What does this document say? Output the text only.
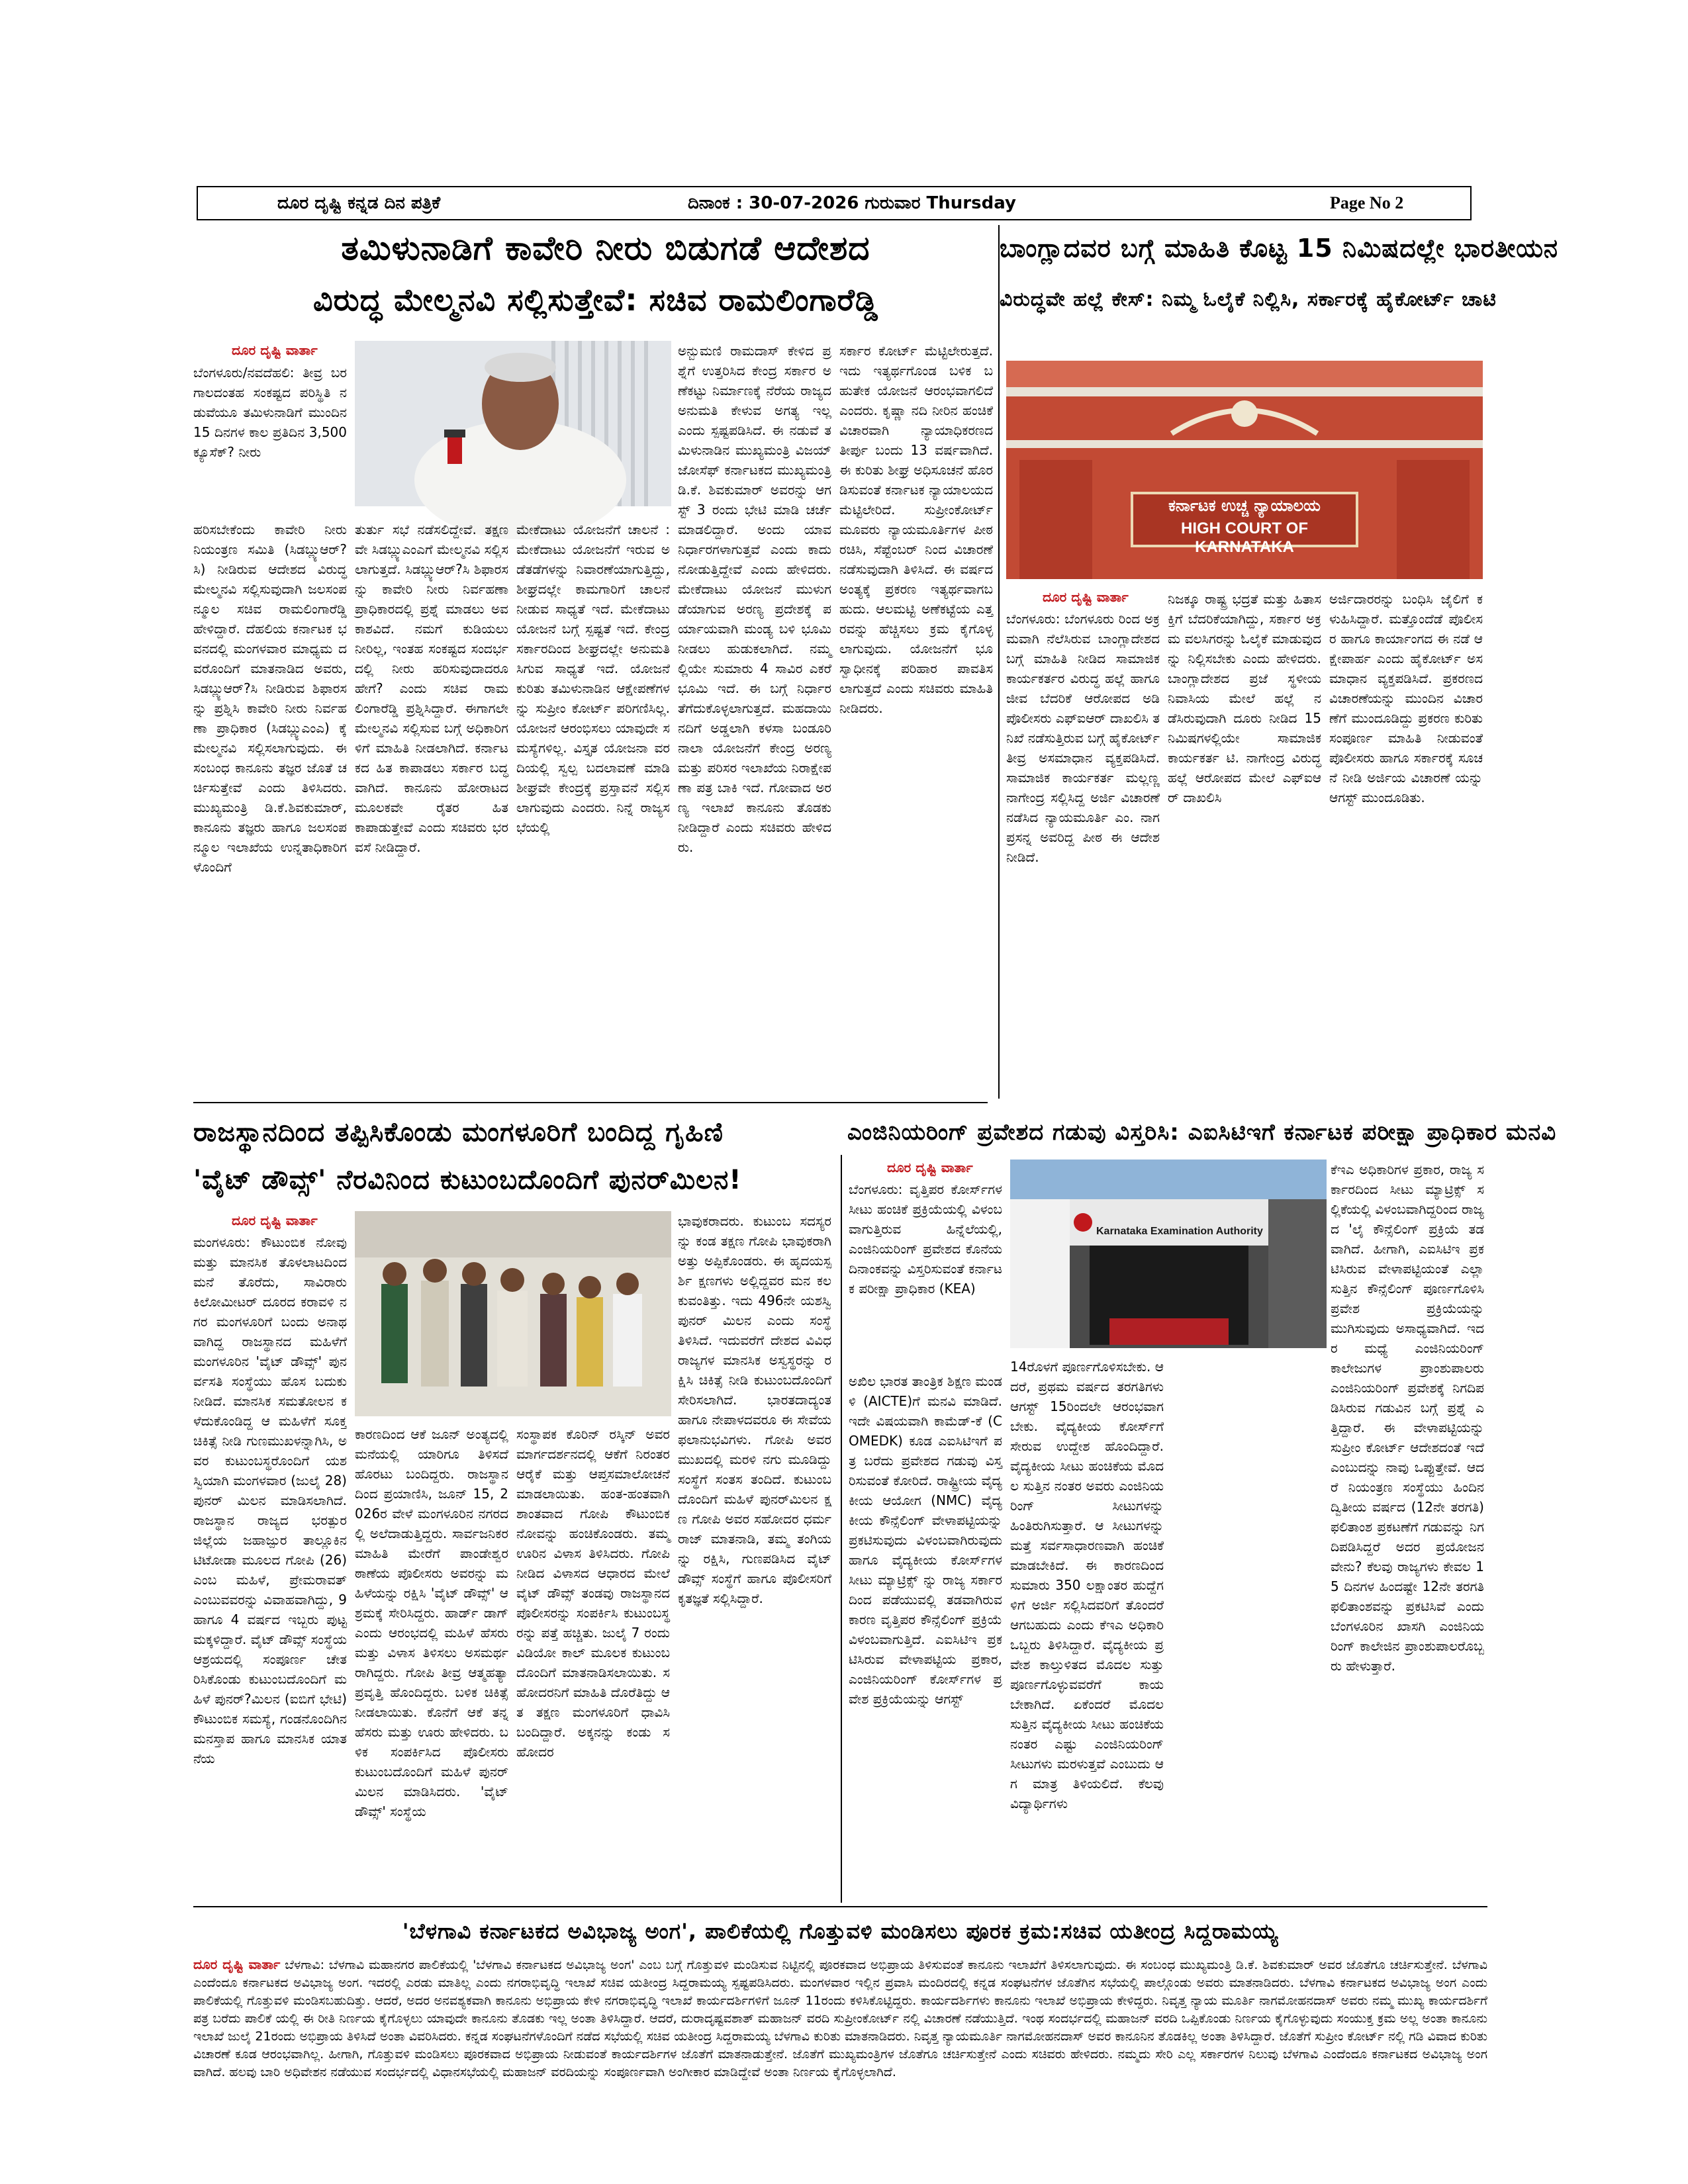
ದೂರ ದೃಷ್ಟಿ ಕನ್ನಡ ದಿನ ಪತ್ರಿಕೆ	ದಿನಾಂಕ : 30-07-2026 ಗುರುವಾರ Thursday	Page No 2
ತಮಿಳುನಾಡಿಗೆ ಕಾವೇರಿ ನೀರು ಬಿಡುಗಡೆ ಆದೇಶದ
ವಿರುದ್ಧ ಮೇಲ್ಮನವಿ ಸಲ್ಲಿಸುತ್ತೇವೆ: ಸಚಿವ ರಾಮಲಿಂಗಾರೆಡ್ಡಿ
ದೂರ ದೃಷ್ಟಿ ವಾರ್ತಾ
ಬೆಂಗಳೂರು/ನವದೆಹಲಿ: ತೀವ್ರ ಬರಗಾಲದಂತಹ ಸಂಕಷ್ಟದ ಪರಿಸ್ಥಿತಿ ನಡುವೆಯೂ ತಮಿಳುನಾಡಿಗೆ ಮುಂದಿನ 15 ದಿನಗಳ ಕಾಲ ಪ್ರತಿದಿನ 3,500 ಕ್ಯೂಸೆಕ್? ನೀರು
ಹರಿಸಬೇಕೆಂದು ಕಾವೇರಿ ನೀರು ನಿಯಂತ್ರಣ ಸಮಿತಿ (ಸಿಡಬ್ಲ್ಯುಆರ್?ಸಿ) ನೀಡಿರುವ ಆದೇಶದ ವಿರುದ್ಧ ಮೇಲ್ಮನವಿ ಸಲ್ಲಿಸುವುದಾಗಿ ಜಲಸಂಪನ್ಮೂಲ ಸಚಿವ ರಾಮಲಿಂಗಾರೆಡ್ಡಿ ಹೇಳಿದ್ದಾರೆ. ದೆಹಲಿಯ ಕರ್ನಾಟಕ ಭವನದಲ್ಲಿ ಮಂಗಳವಾರ ಮಾಧ್ಯಮ ದವರೊಂದಿಗೆ ಮಾತನಾಡಿದ ಅವರು, ಸಿಡಬ್ಲ್ಯುಆರ್?ಸಿ ನೀಡಿರುವ ಶಿಫಾರಸನ್ನು ಪ್ರಶ್ನಿಸಿ ಕಾವೇರಿ ನೀರು ನಿರ್ವಹಣಾ ಪ್ರಾಧಿಕಾರ (ಸಿಡಬ್ಲ್ಯುಎಂಎ) ಕ್ಕೆ ಮೇಲ್ಮನವಿ ಸಲ್ಲಿಸಲಾಗುವುದು. ಈ ಸಂಬಂಧ ಕಾನೂನು ತಜ್ಞರ ಜೊತೆ ಚರ್ಚಿಸುತ್ತೇವೆ ಎಂದು ತಿಳಿಸಿದರು. ಮುಖ್ಯಮಂತ್ರಿ ಡಿ.ಕೆ.ಶಿವಕುಮಾರ್, ಕಾನೂನು ತಜ್ಞರು ಹಾಗೂ ಜಲಸಂಪನ್ಮೂಲ ಇಲಾಖೆಯ ಉನ್ನತಾಧಿಕಾರಿಗಳೊಂದಿಗೆ
ತುರ್ತು ಸಭೆ ನಡೆಸಲಿದ್ದೇವೆ. ತಕ್ಷಣವೇ ಸಿಡಬ್ಲ್ಯುಎಂಎಗೆ ಮೇಲ್ಮನವಿ ಸಲ್ಲಿಸಲಾಗುತ್ತದೆ. ಸಿಡಬ್ಲ್ಯುಆರ್?ಸಿ ಶಿಫಾರಸನ್ನು ಕಾವೇರಿ ನೀರು ನಿರ್ವಹಣಾ ಪ್ರಾಧಿಕಾರದಲ್ಲಿ ಪ್ರಶ್ನೆ ಮಾಡಲು ಅವಕಾಶವಿದೆ. ನಮಗೆ ಕುಡಿಯಲು ನೀರಿಲ್ಲ, ಇಂತಹ ಸಂಕಷ್ಟದ ಸಂದರ್ಭದಲ್ಲಿ ನೀರು ಹರಿಸುವುದಾದರೂ ಹೇಗೆ? ಎಂದು ಸಚಿವ ರಾಮಲಿಂಗಾರೆಡ್ಡಿ ಪ್ರಶ್ನಿಸಿದ್ದಾರೆ. ಈಗಾಗಲೇ ಮೇಲ್ಮನವಿ ಸಲ್ಲಿಸುವ ಬಗ್ಗೆ ಅಧಿಕಾರಿಗಳಿಗೆ ಮಾಹಿತಿ ನೀಡಲಾಗಿದೆ. ಕರ್ನಾಟಕದ ಹಿತ ಕಾಪಾಡಲು ಸರ್ಕಾರ ಬದ್ಧವಾಗಿದೆ. ಕಾನೂನು ಹೋರಾಟದ ಮೂಲಕವೇ ರೈತರ ಹಿತ ಕಾಪಾಡುತ್ತೇವೆ ಎಂದು ಸಚಿವರು ಭರವಸೆ ನೀಡಿದ್ದಾರೆ.
ಮೇಕೆದಾಟು ಯೋಜನೆಗೆ ಚಾಲನೆ : ಮೇಕೆದಾಟು ಯೋಜನೆಗೆ ಇರುವ ಅಡೆತಡೆಗಳನ್ನು ನಿವಾರಣೆಯಾಗುತ್ತಿದ್ದು, ಶೀಘ್ರದಲ್ಲೇ ಕಾಮಗಾರಿಗೆ ಚಾಲನೆ ನೀಡುವ ಸಾಧ್ಯತೆ ಇದೆ. ಮೇಕೆದಾಟು ಯೋಜನೆ ಬಗ್ಗೆ ಸ್ಪಷ್ಟತೆ ಇದೆ. ಕೇಂದ್ರ ಸರ್ಕಾರದಿಂದ ಶೀಘ್ರದಲ್ಲೇ ಅನುಮತಿ ಸಿಗುವ ಸಾಧ್ಯತೆ ಇದೆ. ಯೋಜನೆ ಕುರಿತು ತಮಿಳುನಾಡಿನ ಆಕ್ಷೇಪಣೆಗಳನ್ನು ಸುಪ್ರೀಂ ಕೋರ್ಟ್ ಪರಿಗಣಿಸಿಲ್ಲ. ಯೋಜನೆ ಆರಂಭಿಸಲು ಯಾವುದೇ ಸಮಸ್ಯೆಗಳಿಲ್ಲ. ವಿಸ್ತೃತ ಯೋಜನಾ ವರದಿಯಲ್ಲಿ ಸ್ವಲ್ಪ ಬದಲಾವಣೆ ಮಾಡಿ ಶೀಘ್ರವೇ ಕೇಂದ್ರಕ್ಕೆ ಪ್ರಸ್ತಾವನೆ ಸಲ್ಲಿಸಲಾಗುವುದು ಎಂದರು. ನಿನ್ನೆ ರಾಜ್ಯಸಭೆಯಲ್ಲಿ
ಅನ್ಬುಮಣಿ ರಾಮದಾಸ್ ಕೇಳಿದ ಪ್ರಶ್ನೆಗೆ ಉತ್ತರಿಸಿದ ಕೇಂದ್ರ ಸರ್ಕಾರ ಅಣೆಕಟ್ಟು ನಿರ್ಮಾಣಕ್ಕೆ ನೆರೆಯ ರಾಜ್ಯದ ಅನುಮತಿ ಕೇಳುವ ಅಗತ್ಯ ಇಲ್ಲ ಎಂದು ಸ್ಪಷ್ಟಪಡಿಸಿದೆ. ಈ ನಡುವೆ ತಮಿಳುನಾಡಿನ ಮುಖ್ಯಮಂತ್ರಿ ವಿಜಯ್ ಜೋಸೆಫ್ ಕರ್ನಾಟಕದ ಮುಖ್ಯಮಂತ್ರಿ ಡಿ.ಕೆ. ಶಿವಕುಮಾರ್ ಅವರನ್ನು ಆಗಸ್ಟ್ 3 ರಂದು ಭೇಟಿ ಮಾಡಿ ಚರ್ಚೆ ಮಾಡಲಿದ್ದಾರೆ. ಅಂದು ಯಾವ ನಿರ್ಧಾರಗಳಾಗುತ್ತವೆ ಎಂದು ಕಾದು ನೋಡುತ್ತಿದ್ದೇವೆ ಎಂದು ಹೇಳಿದರು. ಮೇಕೆದಾಟು ಯೋಜನೆ ಮುಳುಗಡೆಯಾಗುವ ಅರಣ್ಯ ಪ್ರದೇಶಕ್ಕೆ ಪರ್ಯಾಯವಾಗಿ ಮಂಡ್ಯ ಬಳಿ ಭೂಮಿ ನೀಡಲು ಹುಡುಕಲಾಗಿದೆ. ನಮ್ಮಲ್ಲಿಯೇ ಸುಮಾರು 4 ಸಾವಿರ ಎಕರೆ ಭೂಮಿ ಇದೆ. ಈ ಬಗ್ಗೆ ನಿರ್ಧಾರ ತೆಗೆದುಕೊಳ್ಳಲಾಗುತ್ತದೆ. ಮಹದಾಯಿ ನದಿಗೆ ಅಡ್ಡಲಾಗಿ ಕಳಸಾ ಬಂಡೂರಿ ನಾಲಾ ಯೋಜನೆಗೆ ಕೇಂದ್ರ ಅರಣ್ಯ ಮತ್ತು ಪರಿಸರ ಇಲಾಖೆಯ ನಿರಾಕ್ಷೇಪಣಾ ಪತ್ರ ಬಾಕಿ ಇದೆ. ಗೋವಾದ ಅರಣ್ಯ ಇಲಾಖೆ ಕಾನೂನು ತೊಡಕು ನೀಡಿದ್ದಾರೆ ಎಂದು ಸಚಿವರು ಹೇಳಿದರು.
ಸರ್ಕಾರ ಕೋರ್ಟ್ ಮೆಟ್ಟಿಲೇರುತ್ತದೆ. ಇದು ಇತ್ಯರ್ಥಗೊಂಡ ಬಳಿಕ ಬಹುತೇಕ ಯೋಜನೆ ಆರಂಭವಾಗಲಿದೆ ಎಂದರು. ಕೃಷ್ಣಾ ನದಿ ನೀರಿನ ಹಂಚಿಕೆ ವಿಚಾರವಾಗಿ ನ್ಯಾಯಾಧಿಕರಣದ ತೀರ್ಪು ಬಂದು 13 ವರ್ಷವಾಗಿದೆ. ಈ ಕುರಿತು ಶೀಘ್ರ ಅಧಿಸೂಚನೆ ಹೊರಡಿಸುವಂತೆ ಕರ್ನಾಟಕ ನ್ಯಾಯಾಲಯದ ಮೆಟ್ಟಿಲೇರಿದೆ. ಸುಪ್ರೀಂಕೋರ್ಟ್ ಮೂವರು ನ್ಯಾಯಮೂರ್ತಿಗಳ ಪೀಠ ರಚಿಸಿ, ಸೆಪ್ಟೆಂಬರ್ ನಿಂದ ವಿಚಾರಣೆ ನಡೆಸುವುದಾಗಿ ತಿಳಿಸಿದೆ. ಈ ವರ್ಷದ ಅಂತ್ಯಕ್ಕೆ ಪ್ರಕರಣ ಇತ್ಯರ್ಥವಾಗಬಹುದು. ಆಲಮಟ್ಟಿ ಅಣೆಕಟ್ಟೆಯ ಎತ್ತರವನ್ನು ಹೆಚ್ಚಿಸಲು ಕ್ರಮ ಕೈಗೊಳ್ಳಲಾಗುವುದು. ಯೋಜನೆಗೆ ಭೂ ಸ್ವಾಧೀನಕ್ಕೆ ಪರಿಹಾರ ಪಾವತಿಸಲಾಗುತ್ತದೆ ಎಂದು ಸಚಿವರು ಮಾಹಿತಿ ನೀಡಿದರು.
ಬಾಂಗ್ಲಾದವರ ಬಗ್ಗೆ ಮಾಹಿತಿ ಕೊಟ್ಟ 15 ನಿಮಿಷದಲ್ಲೇ ಭಾರತೀಯನ
ವಿರುದ್ಧವೇ ಹಲ್ಲೆ ಕೇಸ್: ನಿಮ್ಮ ಓಲೈಕೆ ನಿಲ್ಲಿಸಿ, ಸರ್ಕಾರಕ್ಕೆ ಹೈಕೋರ್ಟ್ ಚಾಟಿ
ಕರ್ನಾಟಕ ಉಚ್ಚ ನ್ಯಾಯಾಲಯ
HIGH COURT OF KARNATAKA
ದೂರ ದೃಷ್ಟಿ ವಾರ್ತಾ
ಬೆಂಗಳೂರು: ಬೆಂಗಳೂರು ರಿಂದ ಅಕ್ರಮವಾಗಿ ನೆಲೆಸಿರುವ ಬಾಂಗ್ಲಾದೇಶದ ಬಗ್ಗೆ ಮಾಹಿತಿ ನೀಡಿದ ಸಾಮಾಜಿಕ ಕಾರ್ಯಕರ್ತರ ವಿರುದ್ಧ ಹಲ್ಲೆ ಹಾಗೂ ಜೀವ ಬೆದರಿಕೆ ಆರೋಪದ ಅಡಿ ಪೊಲೀಸರು ಎಫ್ಐಆರ್ ದಾಖಲಿಸಿ ತನಿಖೆ ನಡೆಸುತ್ತಿರುವ ಬಗ್ಗೆ ಹೈಕೋರ್ಟ್ ತೀವ್ರ ಅಸಮಾಧಾನ ವ್ಯಕ್ತಪಡಿಸಿದೆ. ಸಾಮಾಜಿಕ ಕಾರ್ಯಕರ್ತ ಮಲ್ಲಣ್ಣ ನಾಗೇಂದ್ರ ಸಲ್ಲಿಸಿದ್ದ ಅರ್ಜಿ ವಿಚಾರಣೆ ನಡೆಸಿದ ನ್ಯಾಯಮೂರ್ತಿ ಎಂ. ನಾಗಪ್ರಸನ್ನ ಅವರಿದ್ದ ಪೀಠ ಈ ಆದೇಶ ನೀಡಿದೆ.
ನಿಜಕ್ಕೂ ರಾಷ್ಟ್ರ ಭದ್ರತೆ ಮತ್ತು ಹಿತಾಸಕ್ತಿಗೆ ಬೆದರಿಕೆಯಾಗಿದ್ದು, ಸರ್ಕಾರ ಅಕ್ರಮ ವಲಸಿಗರನ್ನು ಓಲೈಕೆ ಮಾಡುವುದನ್ನು ನಿಲ್ಲಿಸಬೇಕು ಎಂದು ಹೇಳಿದರು. ಬಾಂಗ್ಲಾದೇಶದ ಪ್ರಜೆ ಸ್ಥಳೀಯ ನಿವಾಸಿಯ ಮೇಲೆ ಹಲ್ಲೆ ನಡೆಸಿರುವುದಾಗಿ ದೂರು ನೀಡಿದ 15 ನಿಮಿಷಗಳಲ್ಲಿಯೇ ಸಾಮಾಜಿಕ ಕಾರ್ಯಕರ್ತ ಟಿ. ನಾಗೇಂದ್ರ ವಿರುದ್ಧ ಹಲ್ಲೆ ಆರೋಪದ ಮೇಲೆ ಎಫ್ಐಆರ್ ದಾಖಲಿಸಿ
ಅರ್ಜಿದಾರರನ್ನು ಬಂಧಿಸಿ ಜೈಲಿಗೆ ಕಳುಹಿಸಿದ್ದಾರೆ. ಮತ್ತೊಂದೆಡೆ ಪೊಲೀಸರ ಹಾಗೂ ಕಾರ್ಯಾಂಗದ ಈ ನಡೆ ಆಕ್ಷೇಪಾರ್ಹ ಎಂದು ಹೈಕೋರ್ಟ್ ಅಸಮಾಧಾನ ವ್ಯಕ್ತಪಡಿಸಿದೆ. ಪ್ರಕರಣದ ವಿಚಾರಣೆಯನ್ನು ಮುಂದಿನ ವಿಚಾರಣೆಗೆ ಮುಂದೂಡಿದ್ದು ಪ್ರಕರಣ ಕುರಿತು ಸಂಪೂರ್ಣ ಮಾಹಿತಿ ನೀಡುವಂತೆ ಪೊಲೀಸರು ಹಾಗೂ ಸರ್ಕಾರಕ್ಕೆ ಸೂಚನೆ ನೀಡಿ ಅರ್ಜಿಯ ವಿಚಾರಣೆ ಯನ್ನು ಆಗಸ್ಟ್ ಮುಂದೂಡಿತು.
ರಾಜಸ್ಥಾನದಿಂದ ತಪ್ಪಿಸಿಕೊಂಡು ಮಂಗಳೂರಿಗೆ ಬಂದಿದ್ದ ಗೃಹಿಣಿ
'ವೈಟ್ ಡೌವ್ಸ್' ನೆರವಿನಿಂದ ಕುಟುಂಬದೊಂದಿಗೆ ಪುನರ್‌ಮಿಲನ!
ದೂರ ದೃಷ್ಟಿ ವಾರ್ತಾ
ಮಂಗಳೂರು: ಕೌಟುಂಬಿಕ ನೋವು ಮತ್ತು ಮಾನಸಿಕ ತೊಳಲಾಟದಿಂದ ಮನೆ ತೊರೆದು, ಸಾವಿರಾರು ಕಿಲೋಮೀಟರ್ ದೂರದ ಕರಾವಳಿ ನಗರ ಮಂಗಳೂರಿಗೆ ಬಂದು ಅನಾಥವಾಗಿದ್ದ ರಾಜಸ್ಥಾನದ ಮಹಿಳೆಗೆ ಮಂಗಳೂರಿನ 'ವೈಟ್ ಡೌವ್ಸ್' ಪುನರ್ವಸತಿ ಸಂಸ್ಥೆಯು ಹೊಸ ಬದುಕು ನೀಡಿದೆ. ಮಾನಸಿಕ ಸಮತೋಲನ ಕಳೆದುಕೊಂಡಿದ್ದ ಆ ಮಹಿಳೆಗೆ ಸೂಕ್ತ ಚಿಕಿತ್ಸೆ ನೀಡಿ ಗುಣಮುಖಳನ್ನಾಗಿಸಿ, ಅವರ ಕುಟುಂಬಸ್ಥರೊಂದಿಗೆ ಯಶಸ್ವಿಯಾಗಿ ಮಂಗಳವಾರ (ಜುಲೈ 28) ಪುನರ್ ಮಿಲನ ಮಾಡಿಸಲಾಗಿದೆ. ರಾಜಸ್ಥಾನ ರಾಜ್ಯದ ಭರತ್ಪುರ ಜಿಲ್ಲೆಯ ಜಹಾಜ್ಪುರ ತಾಲ್ಲೂಕಿನ ಟಿಟೋಡಾ ಮೂಲದ ಗೋಪಿ (26) ಎಂಬ ಮಹಿಳೆ, ಪ್ರೇಮರಾವತ್ ಎಂಬುವವರನ್ನು ವಿವಾಹವಾಗಿದ್ದು, 9 ಹಾಗೂ 4 ವರ್ಷದ ಇಬ್ಬರು ಪುಟ್ಟ ಮಕ್ಕಳಿದ್ದಾರೆ. ವೈಟ್ ಡೌವ್ಸ್ ಸಂಸ್ಥೆಯ ಆಶ್ರಯದಲ್ಲಿ ಸಂಪೂರ್ಣ ಚೇತರಿಸಿಕೊಂಡು ಕುಟುಂಬದೊಂದಿಗೆ ಮಹಿಳೆ ಪುನರ್?ಮಿಲನ (ಐಬಿಗೆ ಭೇಟಿ) ಕೌಟುಂಬಿಕ ಸಮಸ್ಯೆ, ಗಂಡನೊಂದಿಗಿನ ಮನಸ್ತಾಪ ಹಾಗೂ ಮಾನಸಿಕ ಯಾತನೆಯ
ಕಾರಣದಿಂದ ಆಕೆ ಜೂನ್ ಅಂತ್ಯದಲ್ಲಿ ಮನೆಯಲ್ಲಿ ಯಾರಿಗೂ ತಿಳಿಸದೆ ಹೊರಟು ಬಂದಿದ್ದರು. ರಾಜಸ್ಥಾನದಿಂದ ಪ್ರಯಾಣಿಸಿ, ಜೂನ್ 15, 2026ರ ವೇಳೆ ಮಂಗಳೂರಿನ ನಗರದಲ್ಲಿ ಅಲೆದಾಡುತ್ತಿದ್ದರು. ಸಾರ್ವಜನಿಕರ ಮಾಹಿತಿ ಮೇರೆಗೆ ಪಾಂಡೇಶ್ವರ ಠಾಣೆಯ ಪೊಲೀಸರು ಅವರನ್ನು ಮಹಿಳೆಯನ್ನು ರಕ್ಷಿಸಿ 'ವೈಟ್ ಡೌವ್ಸ್' ಆಶ್ರಮಕ್ಕೆ ಸೇರಿಸಿದ್ದರು. ಹಾರ್ಡ್ ಡಾಗ್ ಎಂದು ಆರಂಭದಲ್ಲಿ ಮಹಿಳೆ ಹೆಸರು ಮತ್ತು ವಿಳಾಸ ತಿಳಿಸಲು ಅಸಮರ್ಥರಾಗಿದ್ದರು. ಗೋಪಿ ತೀವ್ರ ಆತ್ಮಹತ್ಯಾ ಪ್ರವೃತ್ತಿ ಹೊಂದಿದ್ದರು. ಬಳಿಕ ಚಿಕಿತ್ಸೆ ನೀಡಲಾಯಿತು. ಕೊನೆಗೆ ಆಕೆ ತನ್ನ ಹೆಸರು ಮತ್ತು ಊರು ಹೇಳಿದರು. ಬಳಿಕ ಸಂಪರ್ಕಿಸಿದ ಪೊಲೀಸರು ಕುಟುಂಬದೊಂದಿಗೆ ಮಹಿಳೆ ಪುನರ್ ಮಿಲನ ಮಾಡಿಸಿದರು. 'ವೈಟ್ ಡೌವ್ಸ್' ಸಂಸ್ಥೆಯ
ಸಂಸ್ಥಾಪಕ ಕೊರಿನ್ ರಸ್ಕಿನ್ ಅವರ ಮಾರ್ಗದರ್ಶನದಲ್ಲಿ ಆಕೆಗೆ ನಿರಂತರ ಆರೈಕೆ ಮತ್ತು ಆಪ್ತಸಮಾಲೋಚನೆ ಮಾಡಲಾಯಿತು. ಹಂತ-ಹಂತವಾಗಿ ಶಾಂತವಾದ ಗೋಪಿ ಕೌಟುಂಬಿಕ ನೋವನ್ನು ಹಂಚಿಕೊಂಡರು. ತಮ್ಮ ಊರಿನ ವಿಳಾಸ ತಿಳಿಸಿದರು. ಗೋಪಿ ನೀಡಿದ ವಿಳಾಸದ ಆಧಾರದ ಮೇಲೆ ವೈಟ್ ಡೌವ್ಸ್ ತಂಡವು ರಾಜಸ್ಥಾನದ ಪೊಲೀಸರನ್ನು ಸಂಪರ್ಕಿಸಿ ಕುಟುಂಬಸ್ಥರನ್ನು ಪತ್ತೆ ಹಚ್ಚಿತು. ಜುಲೈ 7 ರಂದು ವಿಡಿಯೋ ಕಾಲ್ ಮೂಲಕ ಕುಟುಂಬದೊಂದಿಗೆ ಮಾತನಾಡಿಸಲಾಯಿತು. ಸಹೋದರನಿಗೆ ಮಾಹಿತಿ ದೊರೆತಿದ್ದು ಆತ ತಕ್ಷಣ ಮಂಗಳೂರಿಗೆ ಧಾವಿಸಿ ಬಂದಿದ್ದಾರೆ. ಅಕ್ಕನನ್ನು ಕಂಡು ಸಹೋದರ
ಭಾವುಕರಾದರು. ಕುಟುಂಬ ಸದಸ್ಯರನ್ನು ಕಂಡ ತಕ್ಷಣ ಗೋಪಿ ಭಾವುಕರಾಗಿ ಅತ್ತು ಅಪ್ಪಿಕೊಂಡರು. ಈ ಹೃದಯಸ್ಪರ್ಶಿ ಕ್ಷಣಗಳು ಅಲ್ಲಿದ್ದವರ ಮನ ಕಲಕುವಂತಿತ್ತು. ಇದು 496ನೇ ಯಶಸ್ವಿ ಪುನರ್ ಮಿಲನ ಎಂದು ಸಂಸ್ಥೆ ತಿಳಿಸಿದೆ. ಇದುವರೆಗೆ ದೇಶದ ವಿವಿಧ ರಾಜ್ಯಗಳ ಮಾನಸಿಕ ಅಸ್ವಸ್ಥರನ್ನು ರಕ್ಷಿಸಿ ಚಿಕಿತ್ಸೆ ನೀಡಿ ಕುಟುಂಬದೊಂದಿಗೆ ಸೇರಿಸಲಾಗಿದೆ. ಭಾರತದಾದ್ಯಂತ ಹಾಗೂ ನೇಪಾಳದವರೂ ಈ ಸೇವೆಯ ಫಲಾನುಭವಿಗಳು. ಗೋಪಿ ಅವರ ಮುಖದಲ್ಲಿ ಮರಳಿ ನಗು ಮೂಡಿದ್ದು ಸಂಸ್ಥೆಗೆ ಸಂತಸ ತಂದಿದೆ. ಕುಟುಂಬದೊಂದಿಗೆ ಮಹಿಳೆ ಪುನರ್‌ಮಿಲನ ಕ್ಷಣ ಗೋಪಿ ಅವರ ಸಹೋದರ ಧರ್ಮರಾಜ್ ಮಾತನಾಡಿ, ತಮ್ಮ ತಂಗಿಯನ್ನು ರಕ್ಷಿಸಿ, ಗುಣಪಡಿಸಿದ ವೈಟ್ ಡೌವ್ಸ್ ಸಂಸ್ಥೆಗೆ ಹಾಗೂ ಪೊಲೀಸರಿಗೆ ಕೃತಜ್ಞತೆ ಸಲ್ಲಿಸಿದ್ದಾರೆ.
ಎಂಜಿನಿಯರಿಂಗ್ ಪ್ರವೇಶದ ಗಡುವು ವಿಸ್ತರಿಸಿ: ಎಐಸಿಟಿಇಗೆ ಕರ್ನಾಟಕ ಪರೀಕ್ಷಾ ಪ್ರಾಧಿಕಾರ ಮನವಿ
ದೂರ ದೃಷ್ಟಿ ವಾರ್ತಾ
ಬೆಂಗಳೂರು: ವೃತ್ತಿಪರ ಕೋರ್ಸ್‌ಗಳ ಸೀಟು ಹಂಚಿಕೆ ಪ್ರಕ್ರಿಯೆಯಲ್ಲಿ ವಿಳಂಬವಾಗುತ್ತಿರುವ ಹಿನ್ನೆಲೆಯಲ್ಲಿ, ಎಂಜಿನಿಯರಿಂಗ್ ಪ್ರವೇಶದ ಕೊನೆಯ ದಿನಾಂಕವನ್ನು ವಿಸ್ತರಿಸುವಂತೆ ಕರ್ನಾಟಕ ಪರೀಕ್ಷಾ ಪ್ರಾಧಿಕಾರ (KEA)
Karnataka Examination Authority
ಅಖಿಲ ಭಾರತ ತಾಂತ್ರಿಕ ಶಿಕ್ಷಣ ಮಂಡಳಿ (AICTE)ಗೆ ಮನವಿ ಮಾಡಿದೆ. ಇದೇ ವಿಷಯವಾಗಿ ಕಾಮೆಡ್-ಕೆ (COMEDK) ಕೂಡ ಎಐಸಿಟಿಇಗೆ ಪತ್ರ ಬರೆದು ಪ್ರವೇಶದ ಗಡುವು ವಿಸ್ತರಿಸುವಂತೆ ಕೋರಿದೆ. ರಾಷ್ಟ್ರೀಯ ವೈದ್ಯಕೀಯ ಆಯೋಗ (NMC) ವೈದ್ಯಕೀಯ ಕೌನ್ಸೆಲಿಂಗ್ ವೇಳಾಪಟ್ಟಿಯನ್ನು ಪ್ರಕಟಿಸುವುದು ವಿಳಂಬವಾಗಿರುವುದು ಹಾಗೂ ವೈದ್ಯಕೀಯ ಕೋರ್ಸ್‌ಗಳ ಸೀಟು ಮ್ಯಾಟ್ರಿಕ್ಸ್ ನ್ನು ರಾಜ್ಯ ಸರ್ಕಾರದಿಂದ ಪಡೆಯುವಲ್ಲಿ ತಡವಾಗಿರುವ ಕಾರಣ ವೃತ್ತಿಪರ ಕೌನ್ಸೆಲಿಂಗ್ ಪ್ರಕ್ರಿಯೆ ವಿಳಂಬವಾಗುತ್ತಿದೆ. ಎಐಸಿಟಿಇ ಪ್ರಕಟಿಸಿರುವ ವೇಳಾಪಟ್ಟಿಯ ಪ್ರಕಾರ, ಎಂಜಿನಿಯರಿಂಗ್ ಕೋರ್ಸ್‌ಗಳ ಪ್ರವೇಶ ಪ್ರಕ್ರಿಯೆಯನ್ನು ಆಗಸ್ಟ್
14ರೊಳಗೆ ಪೂರ್ಣಗೊಳಿಸಬೇಕು. ಆದರೆ, ಪ್ರಥಮ ವರ್ಷದ ತರಗತಿಗಳು ಆಗಸ್ಟ್ 15ರಿಂದಲೇ ಆರಂಭವಾಗಬೇಕು. ವೈದ್ಯಕೀಯ ಕೋರ್ಸ್‌ಗೆ ಸೇರುವ ಉದ್ದೇಶ ಹೊಂದಿದ್ದಾರೆ. ವೈದ್ಯಕೀಯ ಸೀಟು ಹಂಚಿಕೆಯ ಮೊದಲ ಸುತ್ತಿನ ನಂತರ ಅವರು ಎಂಜಿನಿಯರಿಂಗ್ ಸೀಟುಗಳನ್ನು ಹಿಂತಿರುಗಿಸುತ್ತಾರೆ. ಆ ಸೀಟುಗಳನ್ನು ಮತ್ತೆ ಸರ್ವಸಾಧಾರಣವಾಗಿ ಹಂಚಿಕೆ ಮಾಡಬೇಕಿದೆ. ಈ ಕಾರಣದಿಂದ ಸುಮಾರು 350 ಲಕ್ಷಾಂತರ ಹುದ್ದೆಗಳಿಗೆ ಅರ್ಜಿ ಸಲ್ಲಿಸಿದವರಿಗೆ ತೊಂದರೆ ಆಗಬಹುದು ಎಂದು ಕೆಇಎ ಅಧಿಕಾರಿ ಒಬ್ಬರು ತಿಳಿಸಿದ್ದಾರೆ. ವೈದ್ಯಕೀಯ ಪ್ರವೇಶ ಕಾಲ್ತುಳಿತದ ಮೊದಲ ಸುತ್ತು ಪೂರ್ಣಗೊಳ್ಳುವವರೆಗೆ ಕಾಯಬೇಕಾಗಿದೆ. ಏಕೆಂದರೆ ಮೊದಲ ಸುತ್ತಿನ ವೈದ್ಯಕೀಯ ಸೀಟು ಹಂಚಿಕೆಯ ನಂತರ ಎಷ್ಟು ಎಂಜಿನಿಯರಿಂಗ್ ಸೀಟುಗಳು ಮರಳುತ್ತವೆ ಎಂಬುದು ಆಗ ಮಾತ್ರ ತಿಳಿಯಲಿದೆ. ಕೆಲವು ವಿದ್ಯಾರ್ಥಿಗಳು
ಕೆಇಎ ಅಧಿಕಾರಿಗಳ ಪ್ರಕಾರ, ರಾಜ್ಯ ಸರ್ಕಾರದಿಂದ ಸೀಟು ಮ್ಯಾಟ್ರಿಕ್ಸ್ ಸಲ್ಲಿಕೆಯಲ್ಲಿ ವಿಳಂಬವಾಗಿದ್ದರಿಂದ ರಾಜ್ಯದ 'ಲೈ ಕೌನ್ಸೆಲಿಂಗ್ ಪ್ರಕ್ರಿಯೆ ತಡವಾಗಿದೆ. ಹೀಗಾಗಿ, ಎಐಸಿಟಿಇ ಪ್ರಕಟಿಸಿರುವ ವೇಳಾಪಟ್ಟಿಯಂತೆ ಎಲ್ಲಾ ಸುತ್ತಿನ ಕೌನ್ಸೆಲಿಂಗ್ ಪೂರ್ಣಗೊಳಿಸಿ ಪ್ರವೇಶ ಪ್ರಕ್ರಿಯೆಯನ್ನು ಮುಗಿಸುವುದು ಅಸಾಧ್ಯವಾಗಿದೆ. ಇದರ ಮಧ್ಯೆ ಎಂಜಿನಿಯರಿಂಗ್ ಕಾಲೇಜುಗಳ ಪ್ರಾಂಶುಪಾಲರು ಎಂಜಿನಿಯರಿಂಗ್ ಪ್ರವೇಶಕ್ಕೆ ನಿಗದಿಪಡಿಸಿರುವ ಗಡುವಿನ ಬಗ್ಗೆ ಪ್ರಶ್ನೆ ಎತ್ತಿದ್ದಾರೆ. ಈ ವೇಳಾಪಟ್ಟಿಯನ್ನು ಸುಪ್ರೀಂ ಕೋರ್ಟ್ ಆದೇಶದಂತೆ ಇದೆ ಎಂಬುದನ್ನು ನಾವು ಒಪ್ಪುತ್ತೇವೆ. ಆದರೆ ನಿಯಂತ್ರಣ ಸಂಸ್ಥೆಯು ಹಿಂದಿನ ದ್ವಿತೀಯ ವರ್ಷದ (12ನೇ ತರಗತಿ) ಫಲಿತಾಂಶ ಪ್ರಕಟಣೆಗೆ ಗಡುವನ್ನು ನಿಗದಿಪಡಿಸಿದ್ದರೆ ಅದರ ಪ್ರಯೋಜನವೇನು? ಕೆಲವು ರಾಜ್ಯಗಳು ಕೇವಲ 15 ದಿನಗಳ ಹಿಂದಷ್ಟೇ 12ನೇ ತರಗತಿ ಫಲಿತಾಂಶವನ್ನು ಪ್ರಕಟಿಸಿವೆ ಎಂದು ಬೆಂಗಳೂರಿನ ಖಾಸಗಿ ಎಂಜಿನಿಯರಿಂಗ್ ಕಾಲೇಜಿನ ಪ್ರಾಂಶುಪಾಲರೊಬ್ಬರು ಹೇಳುತ್ತಾರೆ.
'ಬೆಳಗಾವಿ ಕರ್ನಾಟಕದ ಅವಿಭಾಜ್ಯ ಅಂಗ', ಪಾಲಿಕೆಯಲ್ಲಿ ಗೊತ್ತುವಳಿ ಮಂಡಿಸಲು ಪೂರಕ ಕ್ರಮ:ಸಚಿವ ಯತೀಂದ್ರ ಸಿದ್ದರಾಮಯ್ಯ
ದೂರ ದೃಷ್ಟಿ ವಾರ್ತಾ ಬೆಳಗಾವಿ: ಬೆಳಗಾವಿ ಮಹಾನಗರ ಪಾಲಿಕೆಯಲ್ಲಿ 'ಬೆಳಗಾವಿ ಕರ್ನಾಟಕದ ಅವಿಭಾಜ್ಯ ಅಂಗ' ಎಂಬ ಬಗ್ಗೆ ಗೊತ್ತುವಳಿ ಮಂಡಿಸುವ ನಿಟ್ಟಿನಲ್ಲಿ ಪೂರಕವಾದ ಅಭಿಪ್ರಾಯ ತಿಳಿಸುವಂತೆ ಕಾನೂನು ಇಲಾಖೆಗೆ ತಿಳಿಸಲಾಗುವುದು. ಈ ಸಂಬಂಧ ಮುಖ್ಯಮಂತ್ರಿ ಡಿ.ಕೆ. ಶಿವಕುಮಾರ್ ಅವರ ಜೊತೆಗೂ ಚರ್ಚಿಸುತ್ತೇನೆ. ಬೆಳಗಾವಿ ಎಂದೆಂದೂ ಕರ್ನಾಟಕದ ಅವಿಭಾಜ್ಯ ಅಂಗ. ಇದರಲ್ಲಿ ಎರಡು ಮಾತಿಲ್ಲ ಎಂದು ನಗರಾಭಿವೃದ್ಧಿ ಇಲಾಖೆ ಸಚಿವ ಯತೀಂದ್ರ ಸಿದ್ದರಾಮಯ್ಯ ಸ್ಪಷ್ಟಪಡಿಸಿದರು. ಮಂಗಳವಾರ ಇಲ್ಲಿನ ಪ್ರವಾಸಿ ಮಂದಿರದಲ್ಲಿ ಕನ್ನಡ ಸಂಘಟನೆಗಳ ಜೊತೆಗಿನ ಸಭೆಯಲ್ಲಿ ಪಾಲ್ಗೊಂಡು ಅವರು ಮಾತನಾಡಿದರು. ಬೆಳಗಾವಿ ಕರ್ನಾಟಕದ ಅವಿಭಾಜ್ಯ ಅಂಗ ಎಂದು ಪಾಲಿಕೆಯಲ್ಲಿ ಗೊತ್ತುವಳಿ ಮಂಡಿಸಬಹುದಿತ್ತು. ಆದರೆ, ಅದರ ಅನವಶ್ಯಕವಾಗಿ ಕಾನೂನು ಅಭಿಪ್ರಾಯ ಕೇಳಿ ನಗರಾಭಿವೃದ್ಧಿ ಇಲಾಖೆ ಕಾರ್ಯದರ್ಶಿಗಳಿಗೆ ಜೂನ್ 11ರಂದು ಕಳಿಸಿಕೊಟ್ಟಿದ್ದರು. ಕಾರ್ಯದರ್ಶಿಗಳು ಕಾನೂನು ಇಲಾಖೆ ಅಭಿಪ್ರಾಯ ಕೇಳಿದ್ದರು. ನಿವೃತ್ತ ನ್ಯಾಯ ಮೂರ್ತಿ ನಾಗಮೋಹನದಾಸ್ ಅವರು ನಮ್ಮ ಮುಖ್ಯ ಕಾರ್ಯದರ್ಶಿಗೆ ಪತ್ರ ಬರೆದು ಪಾಲಿಕೆ ಯಲ್ಲಿ ಈ ರೀತಿ ನಿರ್ಣಯ ಕೈಗೊಳ್ಳಲು ಯಾವುದೇ ಕಾನೂನು ತೊಡಕು ಇಲ್ಲ ಅಂತಾ ತಿಳಿಸಿದ್ದಾರೆ. ಆದರೆ, ದುರಾದೃಷ್ಟವಶಾತ್ ಮಹಾಜನ್ ವರದಿ ಸುಪ್ರೀಂಕೋರ್ಟ್ ನಲ್ಲಿ ವಿಚಾರಣೆ ನಡೆಯುತ್ತಿದೆ. ಇಂಥ ಸಂದರ್ಭದಲ್ಲಿ ಮಹಾಜನ್ ವರದಿ ಒಪ್ಪಿಕೊಂಡು ನಿರ್ಣಯ ಕೈಗೊಳ್ಳುವುದು ಸಂಯುಕ್ತ ಕ್ರಮ ಅಲ್ಲ ಅಂತಾ ಕಾನೂನು ಇಲಾಖೆ ಜುಲೈ 21ರಂದು ಅಭಿಪ್ರಾಯ ತಿಳಿಸಿದೆ ಅಂತಾ ವಿವರಿಸಿದರು. ಕನ್ನಡ ಸಂಘಟನೆಗಳೊಂದಿಗೆ ನಡೆದ ಸಭೆಯಲ್ಲಿ ಸಚಿವ ಯತೀಂದ್ರ ಸಿದ್ದರಾಮಯ್ಯ ಬೆಳಗಾವಿ ಕುರಿತು ಮಾತನಾಡಿದರು. ನಿವೃತ್ತ ನ್ಯಾಯಮೂರ್ತಿ ನಾಗಮೋಹನದಾಸ್ ಅವರ ಕಾನೂನಿನ ತೊಡಕಿಲ್ಲ ಅಂತಾ ತಿಳಿಸಿದ್ದಾರೆ. ಜೊತೆಗೆ ಸುಪ್ರೀಂ ಕೋರ್ಟ್ ನಲ್ಲಿ ಗಡಿ ವಿವಾದ ಕುರಿತು ವಿಚಾರಣೆ ಕೂಡ ಆರಂಭವಾಗಿಲ್ಲ. ಹೀಗಾಗಿ, ಗೊತ್ತುವಳಿ ಮಂಡಿಸಲು ಪೂರಕವಾದ ಅಭಿಪ್ರಾಯ ನೀಡುವಂತೆ ಕಾರ್ಯದರ್ಶಿಗಳ ಜೊತೆಗೆ ಮಾತನಾಡುತ್ತೇನೆ. ಜೊತೆಗೆ ಮುಖ್ಯಮಂತ್ರಿಗಳ ಜೊತೆಗೂ ಚರ್ಚಿಸುತ್ತೇನೆ ಎಂದು ಸಚಿವರು ಹೇಳಿದರು. ನಮ್ಮದು ಸೇರಿ ಎಲ್ಲ ಸರ್ಕಾರಗಳ ನಿಲುವು ಬೆಳಗಾವಿ ಎಂದೆಂದೂ ಕರ್ನಾಟಕದ ಅವಿಭಾಜ್ಯ ಅಂಗವಾಗಿದೆ. ಹಲವು ಬಾರಿ ಅಧಿವೇಶನ ನಡೆಯುವ ಸಂದರ್ಭದಲ್ಲಿ ವಿಧಾನಸಭೆಯಲ್ಲಿ ಮಹಾಜನ್ ವರದಿಯನ್ನು ಸಂಪೂರ್ಣವಾಗಿ ಅಂಗೀಕಾರ ಮಾಡಿದ್ದೇವೆ ಅಂತಾ ನಿರ್ಣಯ ಕೈಗೊಳ್ಳಲಾಗಿದೆ.
